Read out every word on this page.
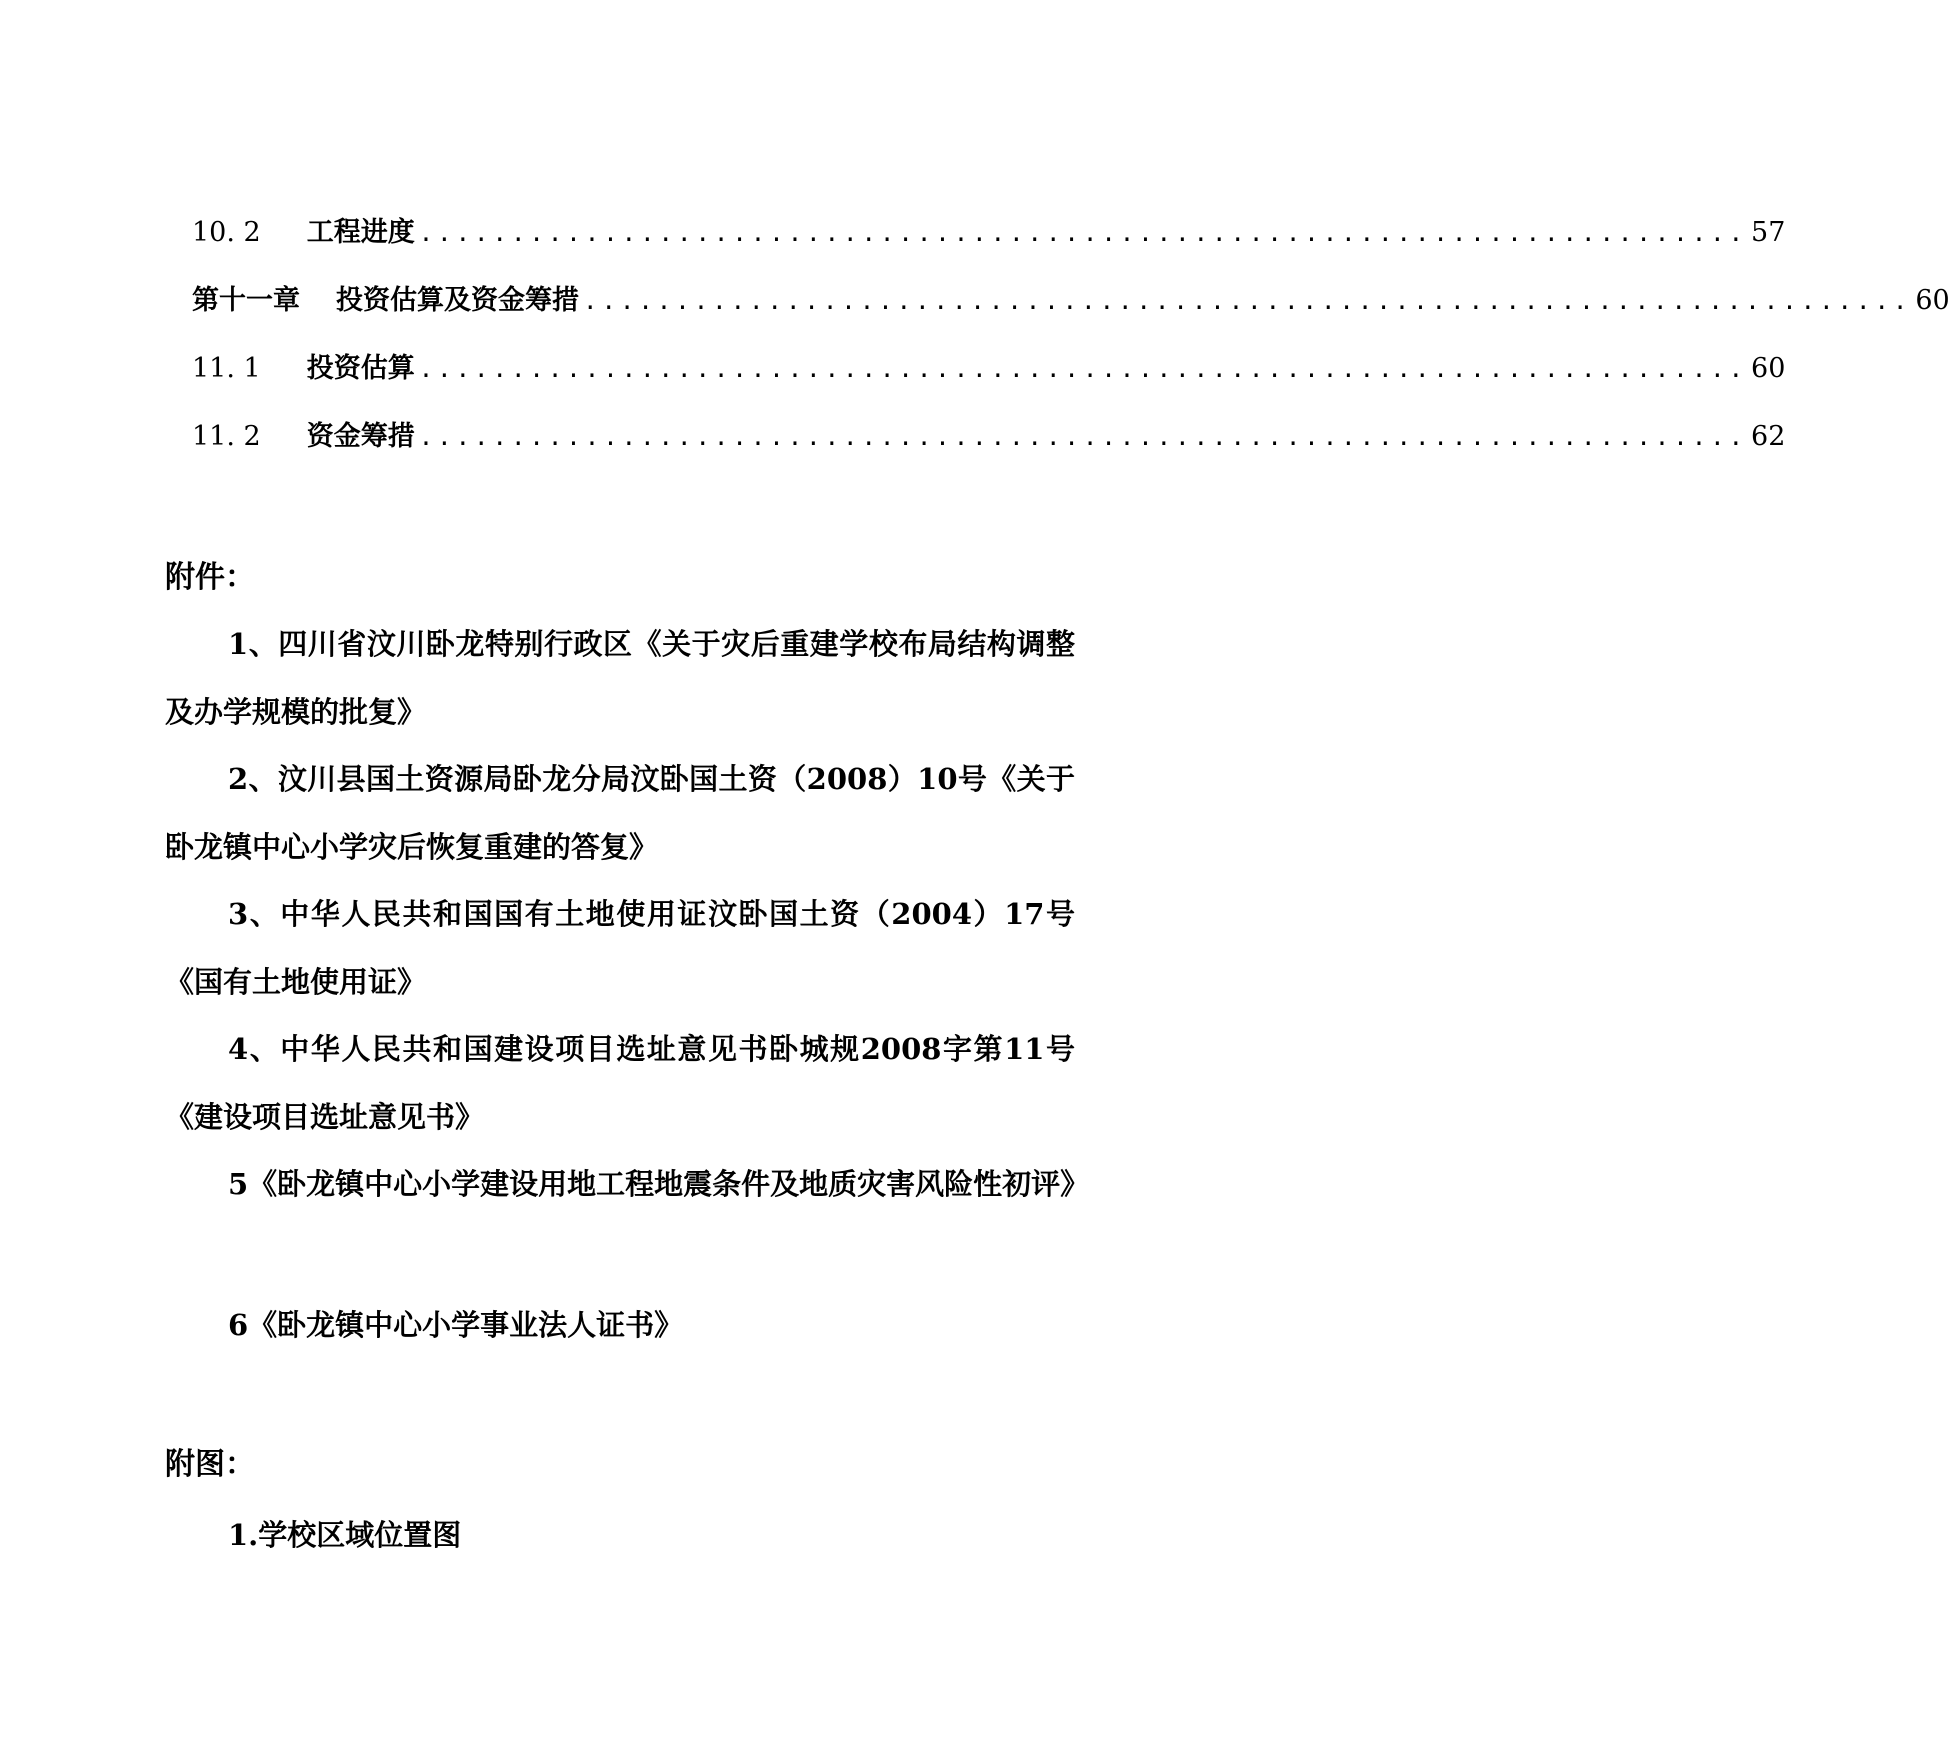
10. 2 工程进度 ........................................................................ 57
第十一章 投资估算及资金筹措 ........................................................................ 60
11. 1 投资估算 ........................................................................ 60
11. 2 资金筹措 ........................................................................ 62
附件：
1、四川省汶川卧龙特别行政区《关于灾后重建学校布局结构调整及办学规模的批复》
2、汶川县国土资源局卧龙分局汶卧国土资（2008）10号《关于卧龙镇中心小学灾后恢复重建的答复》
3、中华人民共和国国有土地使用证汶卧国土资（2004）17号《国有土地使用证》
4、中华人民共和国建设项目选址意见书卧城规2008字第11号《建设项目选址意见书》
5《卧龙镇中心小学建设用地工程地震条件及地质灾害风险性初评》
6《卧龙镇中心小学事业法人证书》
附图：
1.学校区域位置图
